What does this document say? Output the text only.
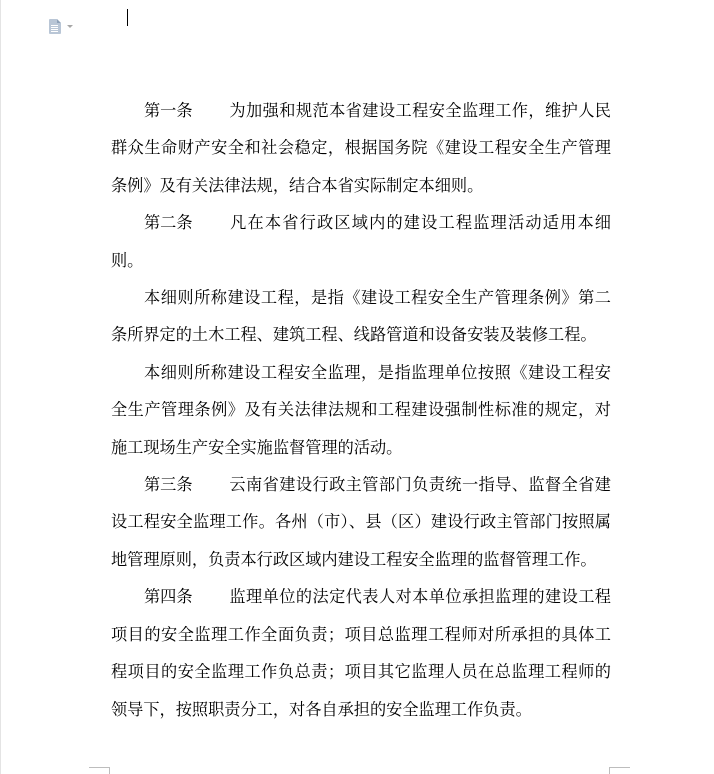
第一条 为加强和规范本省建设工程安全监理工作，维护人民群众生命财产安全和社会稳定，根据国务院《建设工程安全生产管理条例》及有关法律法规，结合本省实际制定本细则。

第二条 凡在本省行政区域内的建设工程监理活动适用本细则。

本细则所称建设工程，是指《建设工程安全生产管理条例》第二条所界定的土木工程、建筑工程、线路管道和设备安装及装修工程。

本细则所称建设工程安全监理，是指监理单位按照《建设工程安全生产管理条例》及有关法律法规和工程建设强制性标准的规定，对施工现场生产安全实施监督管理的活动。

第三条 云南省建设行政主管部门负责统一指导、监督全省建设工程安全监理工作。各州（市）、县（区）建设行政主管部门按照属地管理原则，负责本行政区域内建设工程安全监理的监督管理工作。

第四条 监理单位的法定代表人对本单位承担监理的建设工程项目的安全监理工作全面负责；项目总监理工程师对所承担的具体工程项目的安全监理工作负总责；项目其它监理人员在总监理工程师的领导下，按照职责分工，对各自承担的安全监理工作负责。
